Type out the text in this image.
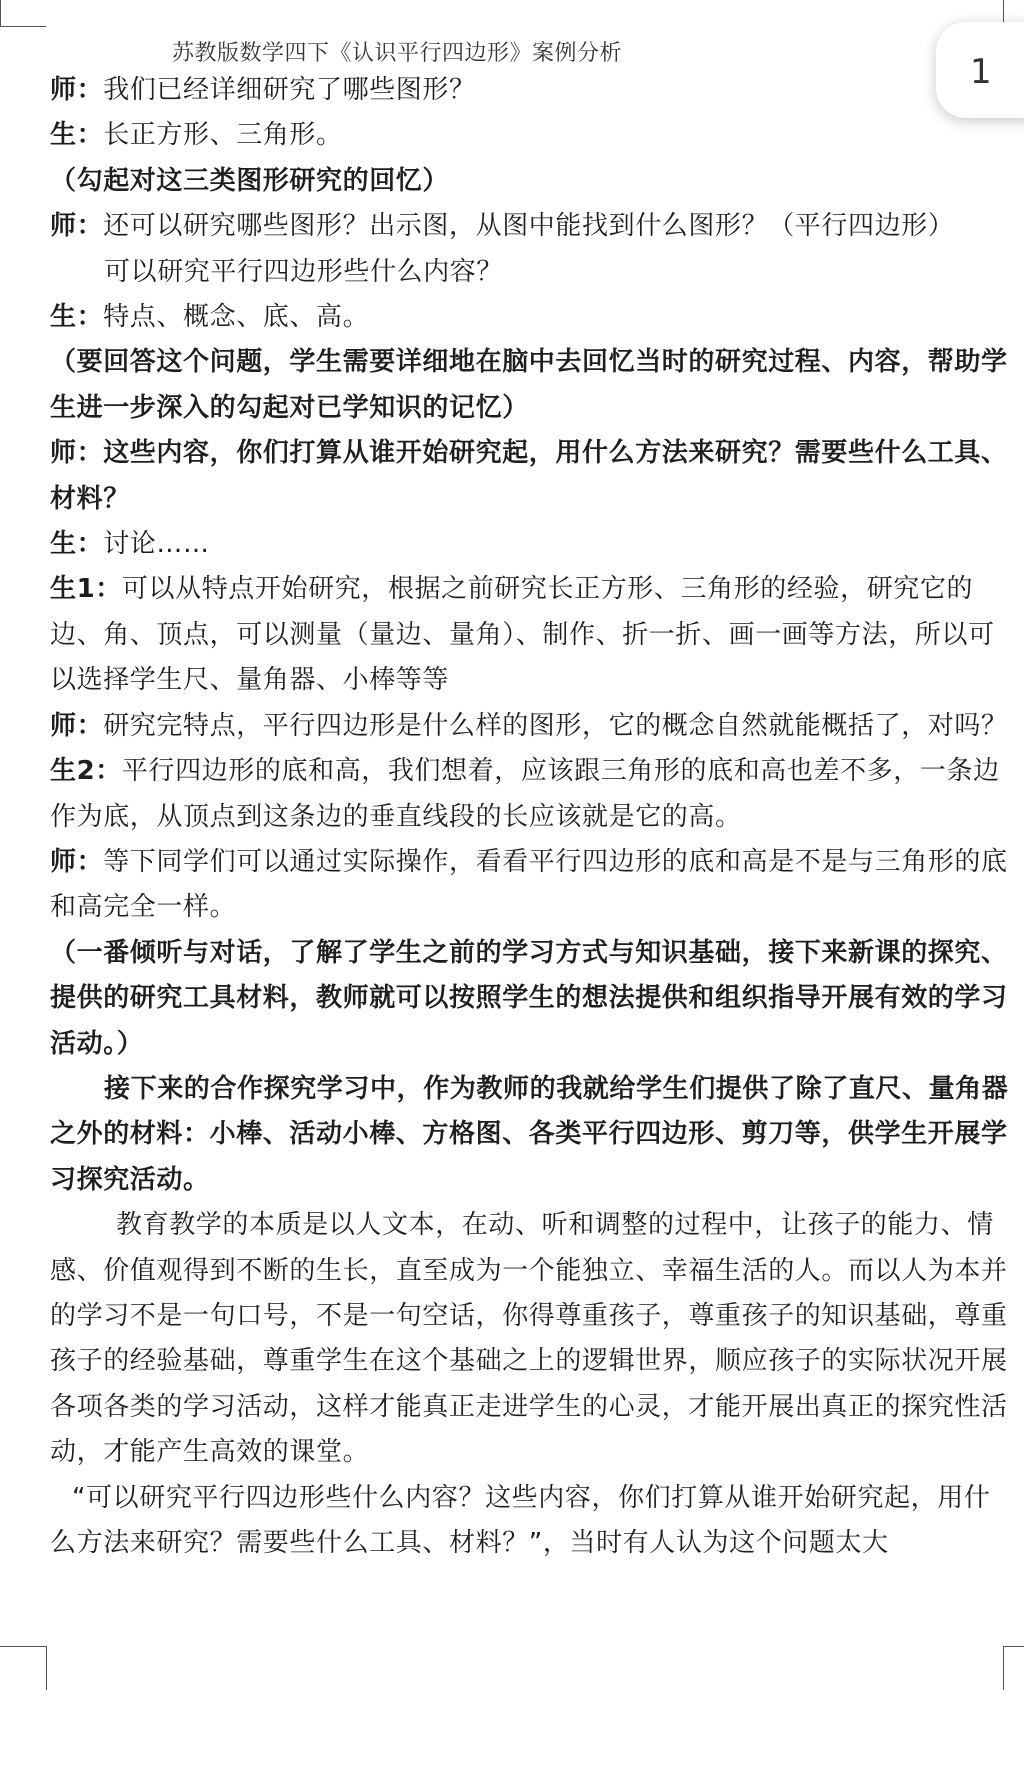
苏教版数学四下《认识平行四边形》案例分析	1

师：我们已经详细研究了哪些图形？

生：长正方形、三角形。

（勾起对这三类图形研究的回忆）

师：还可以研究哪些图形？出示图，从图中能找到什么图形？（平行四边形）

可以研究平行四边形些什么内容？

生：特点、概念、底、高。

（要回答这个问题，学生需要详细地在脑中去回忆当时的研究过程、内容，帮助学生进一步深入的勾起对已学知识的记忆）

师：这些内容，你们打算从谁开始研究起，用什么方法来研究？需要些什么工具、材料？

生：讨论……

生1：可以从特点开始研究，根据之前研究长正方形、三角形的经验，研究它的边、角、顶点，可以测量（量边、量角）、制作、折一折、画一画等方法，所以可以选择学生尺、量角器、小棒等等

师：研究完特点，平行四边形是什么样的图形，它的概念自然就能概括了，对吗？

生2：平行四边形的底和高，我们想着，应该跟三角形的底和高也差不多，一条边作为底，从顶点到这条边的垂直线段的长应该就是它的高。

师：等下同学们可以通过实际操作，看看平行四边形的底和高是不是与三角形的底和高完全一样。

（一番倾听与对话，了解了学生之前的学习方式与知识基础，接下来新课的探究、提供的研究工具材料，教师就可以按照学生的想法提供和组织指导开展有效的学习活动。）

接下来的合作探究学习中，作为教师的我就给学生们提供了除了直尺、量角器之外的材料：小棒、活动小棒、方格图、各类平行四边形、剪刀等，供学生开展学习探究活动。

教育教学的本质是以人文本，在动、听和调整的过程中，让孩子的能力、情感、价值观得到不断的生长，直至成为一个能独立、幸福生活的人。而以人为本并的学习不是一句口号，不是一句空话，你得尊重孩子，尊重孩子的知识基础，尊重孩子的经验基础，尊重学生在这个基础之上的逻辑世界，顺应孩子的实际状况开展各项各类的学习活动，这样才能真正走进学生的心灵，才能开展出真正的探究性活动，才能产生高效的课堂。

“可以研究平行四边形些什么内容？这些内容，你们打算从谁开始研究起，用什么方法来研究？需要些什么工具、材料？”，当时有人认为这个问题太大
